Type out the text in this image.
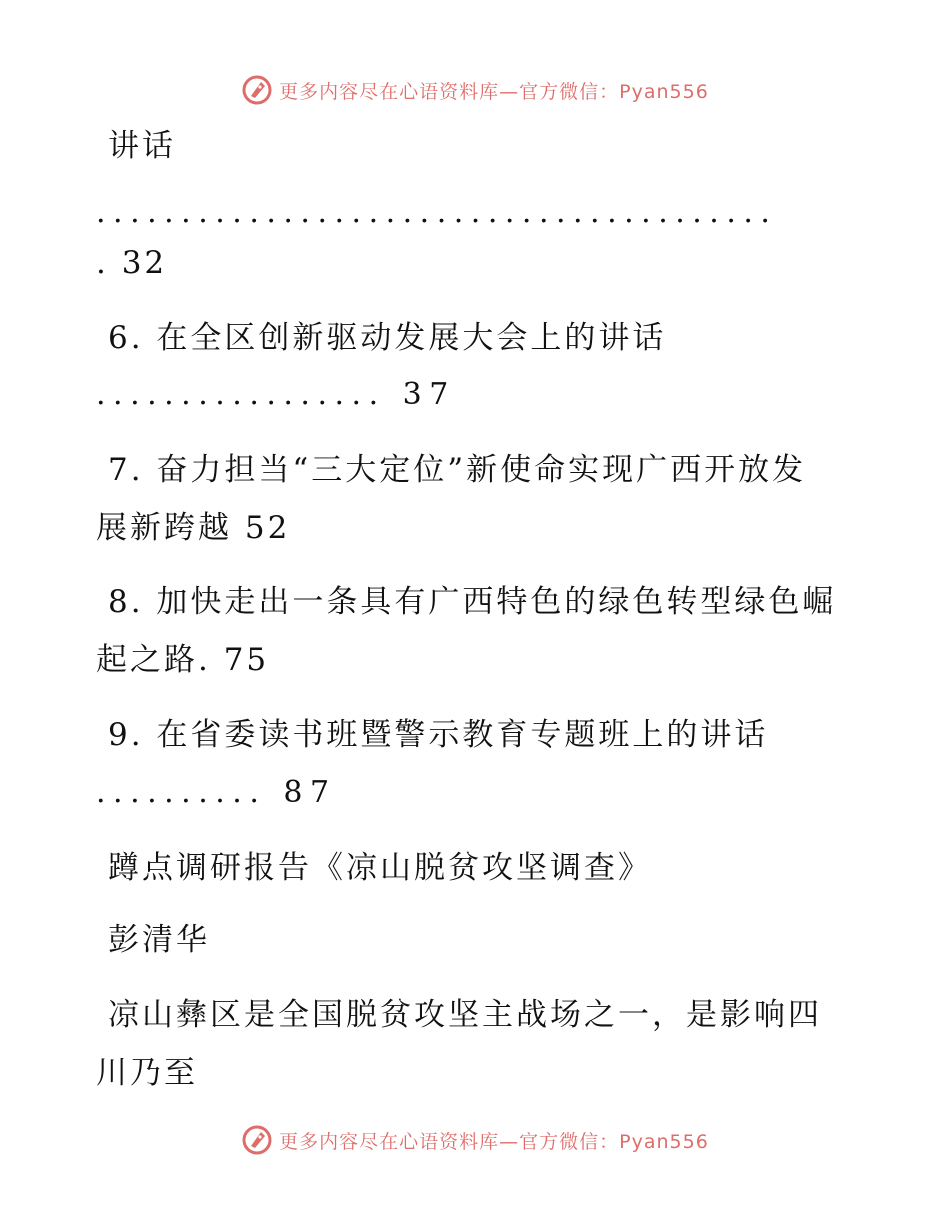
更多内容尽在心语资料库—官方微信：Pyan556
讲话
........................................
. 32
6. 在全区创新驱动发展大会上的讲话
................. 37
7. 奋力担当“三大定位”新使命实现广西开放发
展新跨越 52
8. 加快走出一条具有广西特色的绿色转型绿色崛
起之路. 75
9. 在省委读书班暨警示教育专题班上的讲话
.......... 87
蹲点调研报告《凉山脱贫攻坚调查》
彭清华
凉山彝区是全国脱贫攻坚主战场之一，是影响四
川乃至
更多内容尽在心语资料库—官方微信：Pyan556
